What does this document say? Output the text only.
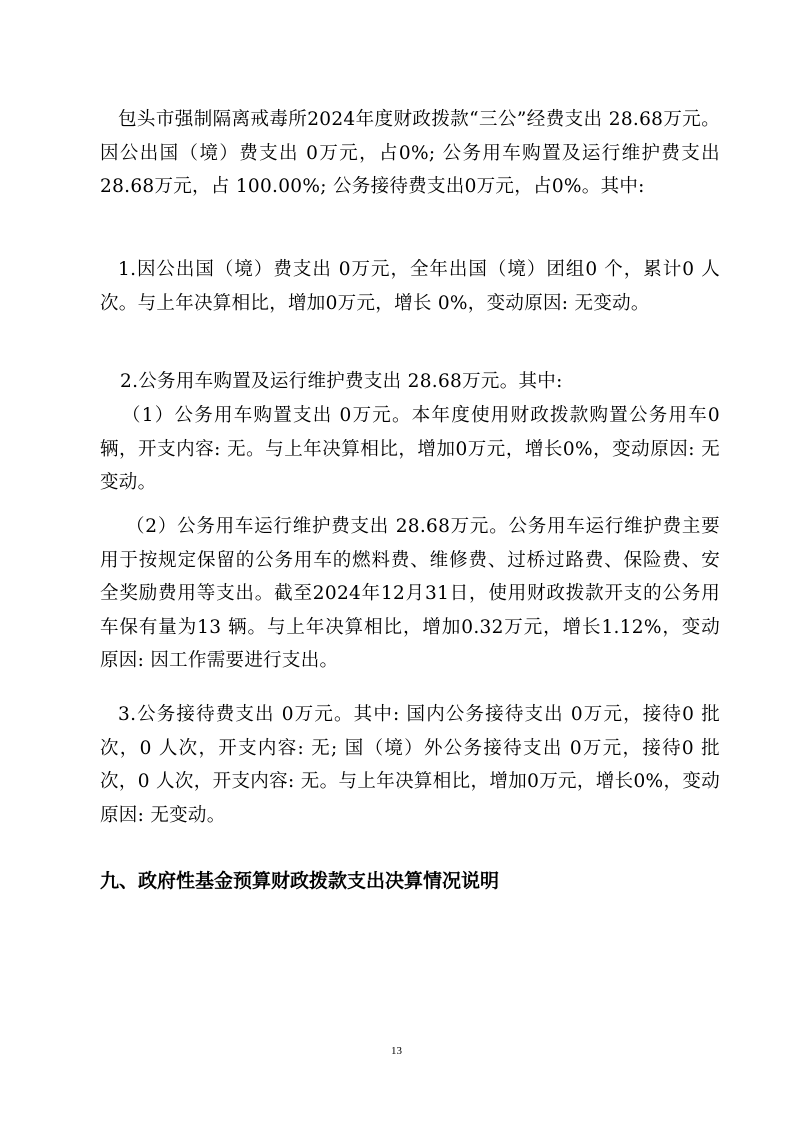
包头市强制隔离戒毒所2024年度财政拨款“三公”经费支出 28.68万元。因公出国（境）费支出 0万元，占0%; 公务用车购置及运行维护费支出 28.68万元，占 100.00%; 公务接待费支出0万元，占0%。其中:

1.因公出国（境）费支出 0万元，全年出国（境）团组0 个，累计0 人次。与上年决算相比，增加0万元，增长 0%，变动原因: 无变动。

2.公务用车购置及运行维护费支出 28.68万元。其中:

（1）公务用车购置支出 0万元。本年度使用财政拨款购置公务用车0 辆，开支内容: 无。与上年决算相比，增加0万元，增长0%，变动原因: 无变动。

（2）公务用车运行维护费支出 28.68万元。公务用车运行维护费主要用于按规定保留的公务用车的燃料费、维修费、过桥过路费、保险费、安全奖励费用等支出。截至2024年12月31日，使用财政拨款开支的公务用车保有量为13 辆。与上年决算相比，增加0.32万元，增长1.12%，变动原因: 因工作需要进行支出。

3.公务接待费支出 0万元。其中: 国内公务接待支出 0万元，接待0 批次，0 人次，开支内容: 无; 国（境）外公务接待支出 0万元，接待0 批次，0 人次，开支内容: 无。与上年决算相比，增加0万元，增长0%，变动原因: 无变动。

九、政府性基金预算财政拨款支出决算情况说明
13
